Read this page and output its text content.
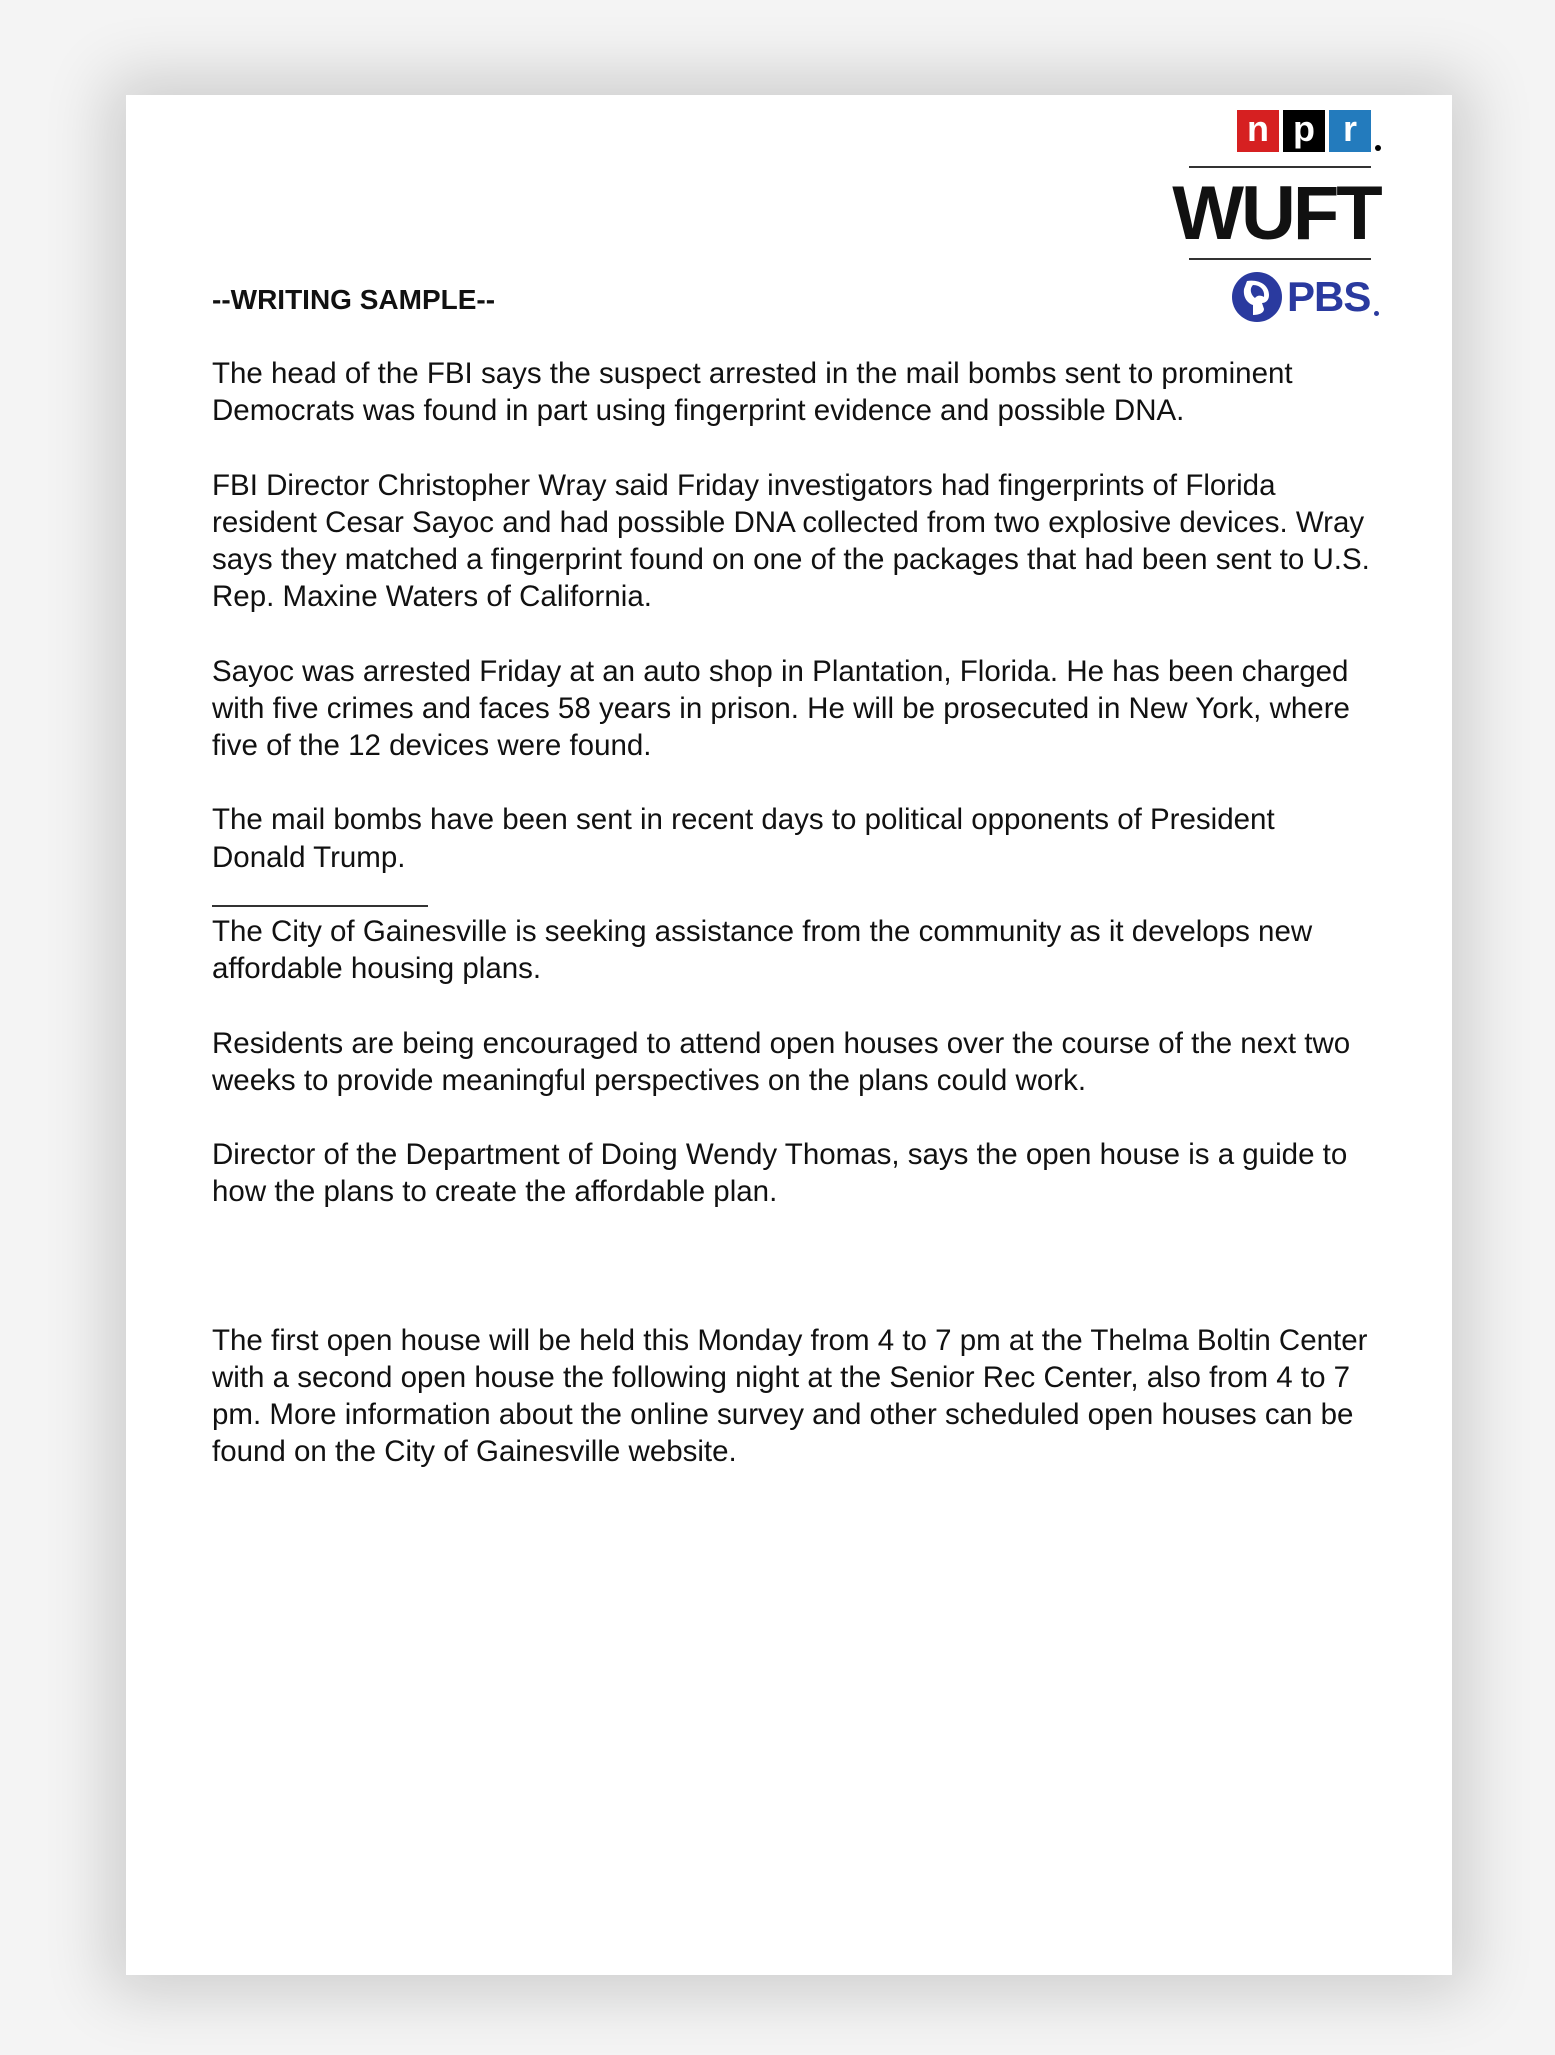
n p r
WUFT
PBS
--WRITING SAMPLE--

The head of the FBI says the suspect arrested in the mail bombs sent to prominent Democrats was found in part using fingerprint evidence and possible DNA.

FBI Director Christopher Wray said Friday investigators had fingerprints of Florida resident Cesar Sayoc and had possible DNA collected from two explosive devices. Wray says they matched a fingerprint found on one of the packages that had been sent to U.S. Rep. Maxine Waters of California.

Sayoc was arrested Friday at an auto shop in Plantation, Florida. He has been charged with five crimes and faces 58 years in prison. He will be prosecuted in New York, where five of the 12 devices were found.

The mail bombs have been sent in recent days to political opponents of President Donald Trump.

The City of Gainesville is seeking assistance from the community as it develops new affordable housing plans.

Residents are being encouraged to attend open houses over the course of the next two weeks to provide meaningful perspectives on the plans could work.

Director of the Department of Doing Wendy Thomas, says the open house is a guide to how the plans to create the affordable plan.

The first open house will be held this Monday from 4 to 7 pm at the Thelma Boltin Center with a second open house the following night at the Senior Rec Center, also from 4 to 7 pm. More information about the online survey and other scheduled open houses can be found on the City of Gainesville website.
